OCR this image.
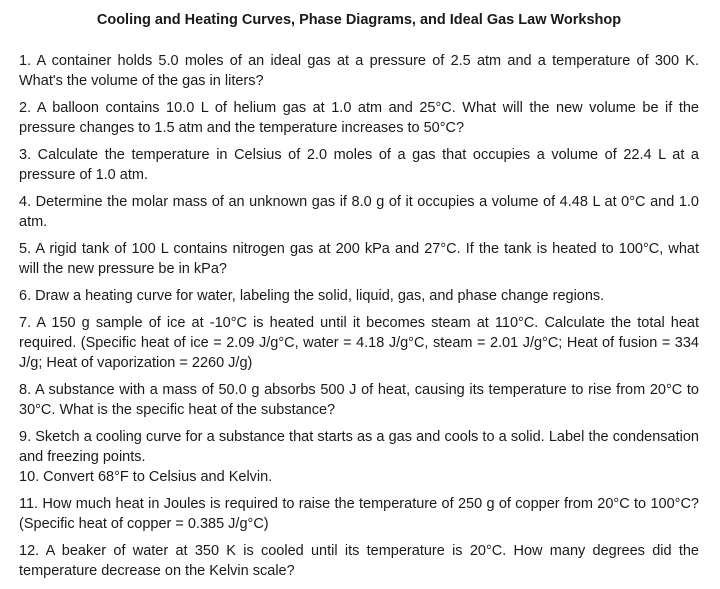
Cooling and Heating Curves, Phase Diagrams, and Ideal Gas Law Workshop

1. A container holds 5.0 moles of an ideal gas at a pressure of 2.5 atm and a temperature of 300 K. What's the volume of the gas in liters?

2. A balloon contains 10.0 L of helium gas at 1.0 atm and 25°C. What will the new volume be if the pressure changes to 1.5 atm and the temperature increases to 50°C?

3. Calculate the temperature in Celsius of 2.0 moles of a gas that occupies a volume of 22.4 L at a pressure of 1.0 atm.

4. Determine the molar mass of an unknown gas if 8.0 g of it occupies a volume of 4.48 L at 0°C and 1.0 atm.

5. A rigid tank of 100 L contains nitrogen gas at 200 kPa and 27°C. If the tank is heated to 100°C, what will the new pressure be in kPa?

6. Draw a heating curve for water, labeling the solid, liquid, gas, and phase change regions.

7. A 150 g sample of ice at -10°C is heated until it becomes steam at 110°C. Calculate the total heat required. (Specific heat of ice = 2.09 J/g°C, water = 4.18 J/g°C, steam = 2.01 J/g°C; Heat of fusion = 334 J/g; Heat of vaporization = 2260 J/g)

8. A substance with a mass of 50.0 g absorbs 500 J of heat, causing its temperature to rise from 20°C to 30°C. What is the specific heat of the substance?

9. Sketch a cooling curve for a substance that starts as a gas and cools to a solid. Label the condensation and freezing points.

10. Convert 68°F to Celsius and Kelvin.

11. How much heat in Joules is required to raise the temperature of 250 g of copper from 20°C to 100°C? (Specific heat of copper = 0.385 J/g°C)

12. A beaker of water at 350 K is cooled until its temperature is 20°C. How many degrees did the temperature decrease on the Kelvin scale?
